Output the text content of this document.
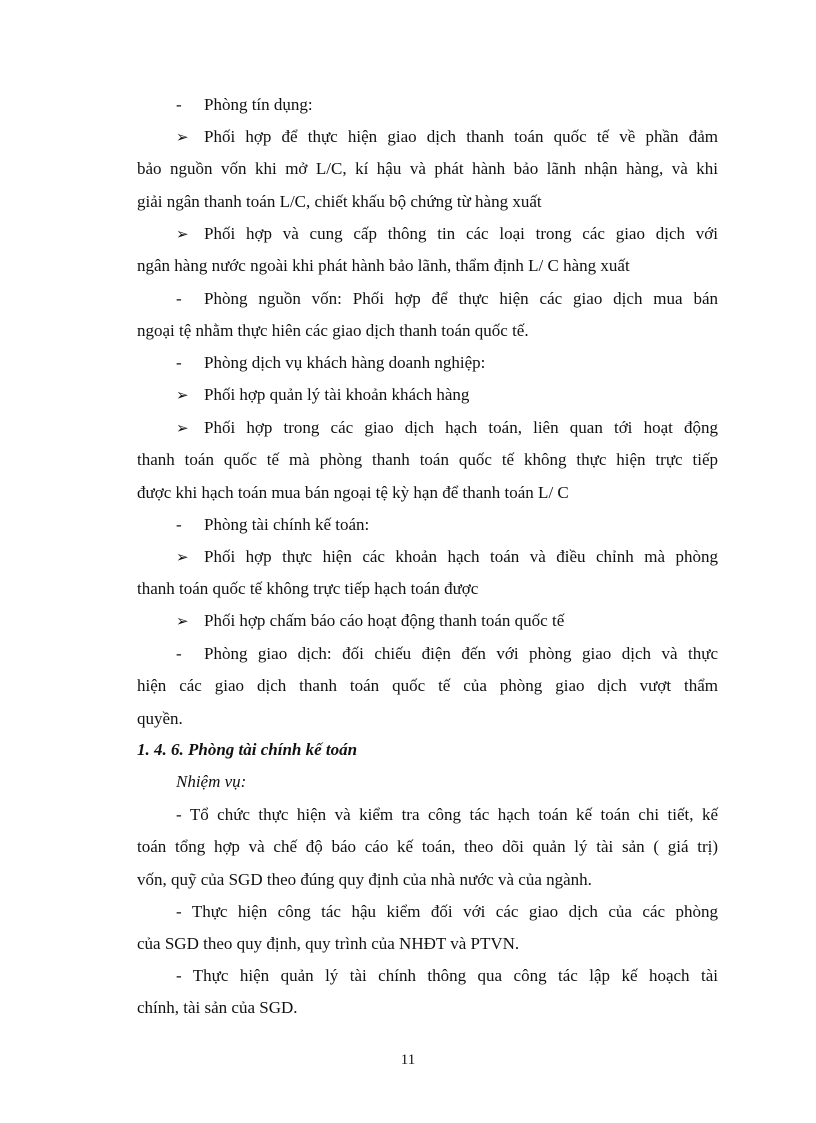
- Phòng tín dụng:
➢ Phối hợp để thực hiện giao dịch thanh toán quốc tế về phần đảm
bảo nguồn vốn khi mở L/C, kí hậu và phát hành bảo lãnh nhận hàng, và khi
giải ngân thanh toán L/C, chiết khấu bộ chứng từ hàng xuất
➢ Phối hợp và cung cấp thông tin các loại trong các giao dịch với
ngân hàng nước ngoài khi phát hành bảo lãnh, thẩm định L/ C hàng xuất
- Phòng nguồn vốn: Phối hợp để thực hiện các giao dịch mua bán
ngoại tệ nhằm thực hiên các giao dịch thanh toán quốc tế.
- Phòng dịch vụ khách hàng doanh nghiệp:
➢ Phối hợp quản lý tài khoản khách hàng
➢ Phối hợp trong các giao dịch hạch toán, liên quan tới hoạt động
thanh toán quốc tế mà phòng thanh toán quốc tế không thực hiện trực tiếp
được khi hạch toán mua bán ngoại tệ kỳ hạn để thanh toán L/ C
- Phòng tài chính kế toán:
➢ Phối hợp thực hiện các khoản hạch toán và điều chỉnh mà phòng
thanh toán quốc tế không trực tiếp hạch toán được
➢ Phối hợp chấm báo cáo hoạt động thanh toán quốc tế
- Phòng giao dịch: đối chiếu điện đến với phòng giao dịch và thực
hiện các giao dịch thanh toán quốc tế của phòng giao dịch vượt thẩm
quyền.
1. 4. 6. Phòng tài chính kế toán
Nhiệm vụ:
- Tổ chức thực hiện và kiểm tra công tác hạch toán kế toán chi tiết, kế
toán tổng hợp và chế độ báo cáo kế toán, theo dõi quản lý tài sản ( giá trị)
vốn, quỹ của SGD theo đúng quy định của nhà nước và của ngành.
- Thực hiện công tác hậu kiểm đối với các giao dịch của các phòng
của SGD theo quy định, quy trình của NHĐT và PTVN.
- Thực hiện quản lý tài chính thông qua công tác lập kế hoạch tài
chính, tài sản của SGD.
11
